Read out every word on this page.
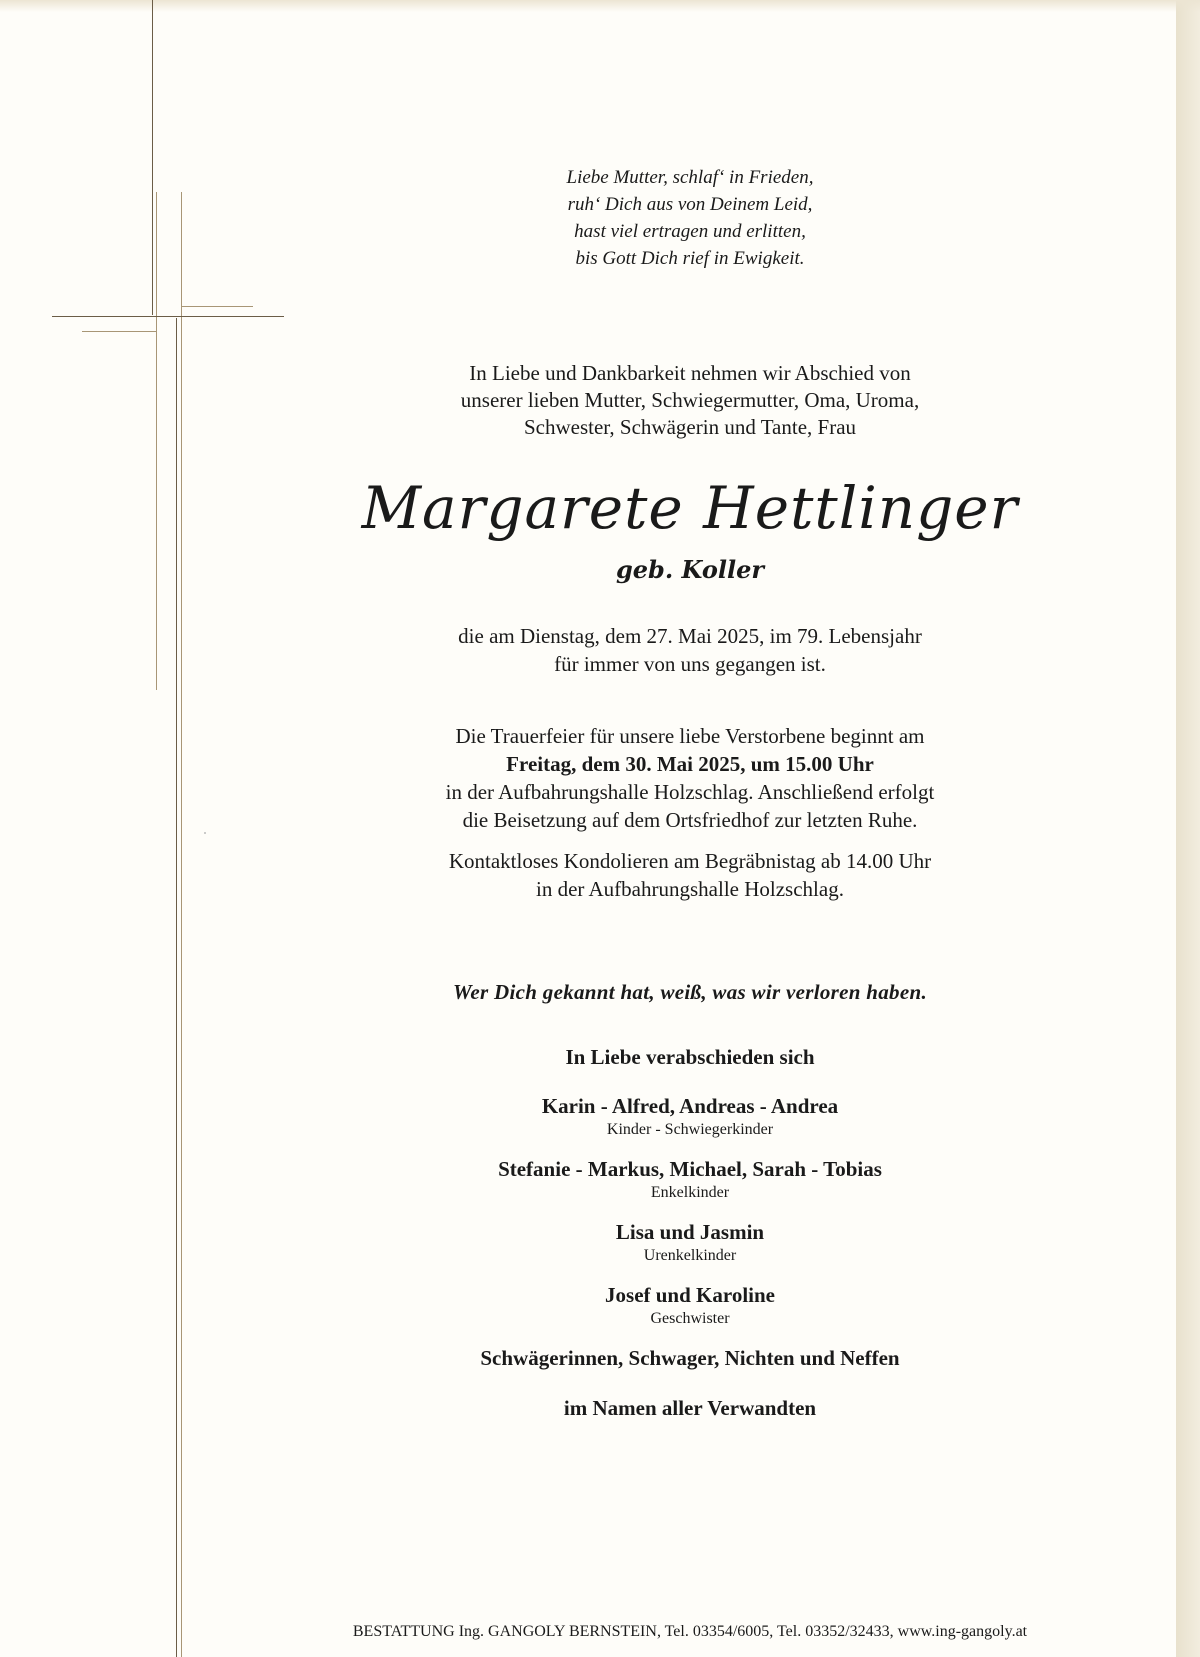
Liebe Mutter, schlaf‘ in Frieden,
ruh‘ Dich aus von Deinem Leid,
hast viel ertragen und erlitten,
bis Gott Dich rief in Ewigkeit.
In Liebe und Dankbarkeit nehmen wir Abschied von
unserer lieben Mutter, Schwiegermutter, Oma, Uroma,
Schwester, Schwägerin und Tante, Frau
Margarete Hettlinger
geb. Koller
die am Dienstag, dem 27. Mai 2025, im 79. Lebensjahr
für immer von uns gegangen ist.
Die Trauerfeier für unsere liebe Verstorbene beginnt am
Freitag, dem 30. Mai 2025, um 15.00 Uhr
in der Aufbahrungshalle Holzschlag. Anschließend erfolgt
die Beisetzung auf dem Ortsfriedhof zur letzten Ruhe.
Kontaktloses Kondolieren am Begräbnistag ab 14.00 Uhr
in der Aufbahrungshalle Holzschlag.
Wer Dich gekannt hat, weiß, was wir verloren haben.
In Liebe verabschieden sich
Karin - Alfred, Andreas - Andrea
Kinder - Schwiegerkinder
Stefanie - Markus, Michael, Sarah - Tobias
Enkelkinder
Lisa und Jasmin
Urenkelkinder
Josef und Karoline
Geschwister
Schwägerinnen, Schwager, Nichten und Neffen
im Namen aller Verwandten
BESTATTUNG Ing. GANGOLY BERNSTEIN, Tel. 03354/6005, Tel. 03352/32433, www.ing-gangoly.at
